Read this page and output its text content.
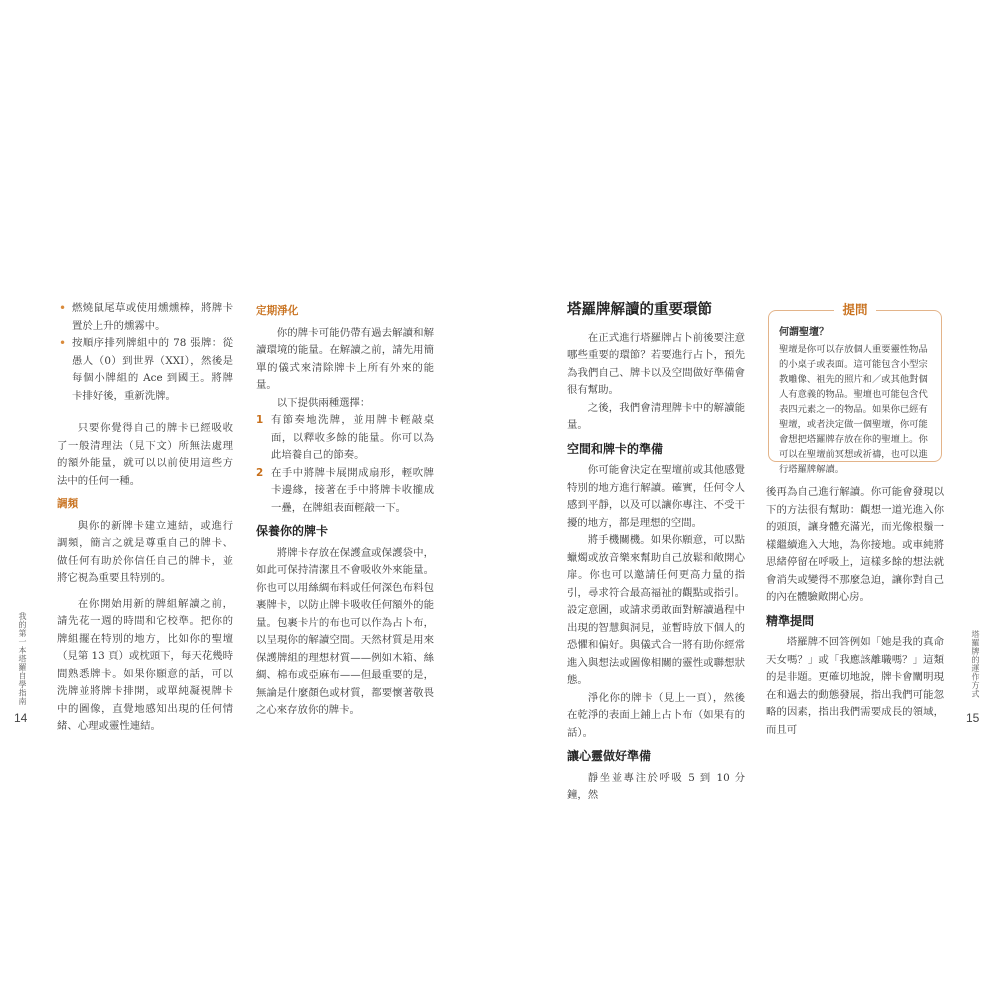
• 燃燒鼠尾草或使用燻燻棒，將牌卡置於上升的燻霧中。
• 按順序排列牌組中的 78 張牌：從愚人（0）到世界（XXI），然後是每個小牌組的 Ace 到國王。將牌卡排好後，重新洗牌。

只要你覺得自己的牌卡已經吸收了一般清理法（見下文）所無法處理的額外能量，就可以以前使用這些方法中的任何一種。

調頻

與你的新牌卡建立連結，或進行調頻，簡言之就是尊重自己的牌卡、做任何有助於你信任自己的牌卡，並將它視為重要且特別的。

在你開始用新的牌組解讀之前，請先花一週的時間和它校準。把你的牌組擺在特別的地方，比如你的聖壇（見第 13 頁）或枕頭下，每天花幾時間熟悉牌卡。如果你願意的話，可以洗牌並將牌卡排開，或單純凝視牌卡中的圖像，直覺地感知出現的任何情緒、心理或靈性連結。

定期淨化

你的牌卡可能仍帶有過去解讀和解讀環境的能量。在解讀之前，請先用簡單的儀式來清除牌卡上所有外來的能量。

以下提供兩種選擇：

1 有節奏地洗牌，並用牌卡輕敲桌面，以釋收多餘的能量。你可以為此培養自己的節奏。
2 在手中將牌卡展開成扇形，輕吹牌卡邊緣，接著在手中將牌卡收攏成一疊，在牌組表面輕敲一下。
保養你的牌卡

將牌卡存放在保護盒或保護袋中，如此可保持清潔且不會吸收外來能量。你也可以用絲綢布料或任何深色布料包裹牌卡，以防止牌卡吸收任何額外的能量。包裹卡片的布也可以作為占卜布，以呈現你的解讀空間。天然材質是用來保護牌組的理想材質——例如木箱、絲綢、棉布或亞麻布——但最重要的是，無論是什麼顏色或材質，都要懷著敬畏之心來存放你的牌卡。

我的第一本塔羅自學指南
14
塔羅牌解讀的重要環節

在正式進行塔羅牌占卜前後要注意哪些重要的環節？若要進行占卜，預先為我們自己、牌卡以及空間做好準備會很有幫助。

之後，我們會清理牌卡中的解讀能量。

空間和牌卡的準備

你可能會決定在聖壇前或其他感覺特別的地方進行解讀。確實，任何令人感到平靜，以及可以讓你專注、不受干擾的地方，都是理想的空間。

將手機關機。如果你願意，可以點蠟燭或放音樂來幫助自己放鬆和敞開心扉。你也可以邀請任何更高力量的指引，尋求符合最高福祉的觀點或指引。設定意圖，或請求勇敢面對解讀過程中出現的智慧與洞見，並暫時放下個人的恐懼和偏好。與儀式合一將有助你經常進入與想法或圖像相關的靈性或聯想狀態。

淨化你的牌卡（見上一頁），然後在乾淨的表面上鋪上占卜布（如果有的話）。

讓心靈做好準備

靜坐並專注於呼吸 5 到 10 分鐘，然

何謂聖壇？
聖壇是你可以存放個人重要靈性物品的小桌子或表面。這可能包含小型宗教雕像、祖先的照片和／或其他對個人有意義的物品。聖壇也可能包含代表四元素之一的物品。如果你已經有聖壇，或者決定做一個聖壇，你可能會想把塔羅牌存放在你的聖壇上。你可以在聖壇前冥想或祈禱，也可以進行塔羅牌解讀。
提問

後再為自己進行解讀。你可能會發現以下的方法很有幫助：觀想一道光進入你的頭頂，讓身體充滿光，而光像根鬚一樣繼續進入大地，為你接地。或車純將思緒停留在呼吸上，這樣多餘的想法就會消失或變得不那麼急迫，讓你對自己的內在體驗敞開心房。

精準提問

塔羅牌不回答例如「她是我的真命天女嗎？」或「我應該離職嗎？」這類的是非題。更確切地說，牌卡會闡明現在和過去的動態發展，指出我們可能忽略的因素，指出我們需要成長的領域，而且可

塔羅牌的運作方式
15
